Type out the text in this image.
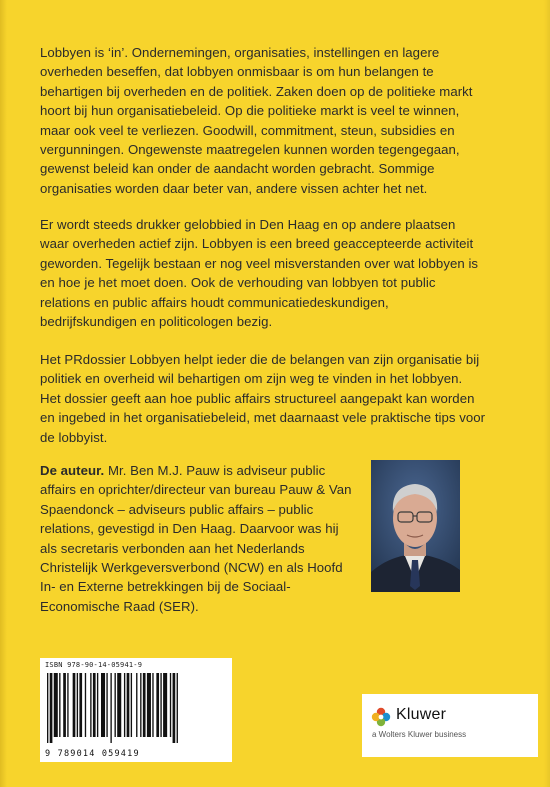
Lobbyen is ‘in’. Ondernemingen, organisaties, instellingen en lagere overheden beseffen, dat lobbyen onmisbaar is om hun belangen te behartigen bij overheden en de politiek. Zaken doen op de politieke markt hoort bij hun organisatiebeleid. Op die politieke markt is veel te winnen, maar ook veel te verliezen. Goodwill, commitment, steun, subsidies en vergunningen. Ongewenste maatregelen kunnen worden tegengegaan, gewenst beleid kan onder de aandacht worden gebracht. Sommige organisaties worden daar beter van, andere vissen achter het net.

Er wordt steeds drukker gelobbied in Den Haag en op andere plaatsen waar overheden actief zijn. Lobbyen is een breed geaccepteerde activiteit geworden. Tegelijk bestaan er nog veel misverstanden over wat lobbyen is en hoe je het moet doen. Ook de verhouding van lobbyen tot public relations en public affairs houdt communicatiedeskundigen, bedrijfskundigen en politicologen bezig.

Het PRdossier Lobbyen helpt ieder die de belangen van zijn organisatie bij politiek en overheid wil behartigen om zijn weg te vinden in het lobbyen. Het dossier geeft aan hoe public affairs structureel aangepakt kan worden en ingebed in het organisatiebeleid, met daarnaast vele praktische tips voor de lobbyist.

De auteur. Mr. Ben M.J. Pauw is adviseur public affairs en oprichter/directeur van bureau Pauw & Van Spaendonck – adviseurs public affairs – public relations, gevestigd in Den Haag. Daarvoor was hij als secretaris verbonden aan het Nederlands Christelijk Werkgeversverbond (NCW) en als Hoofd In- en Externe betrekkingen bij de Sociaal-Economische Raad (SER).

ISBN 978-90-14-05941-9
9 789014 059419
Kluwer
a Wolters Kluwer business
